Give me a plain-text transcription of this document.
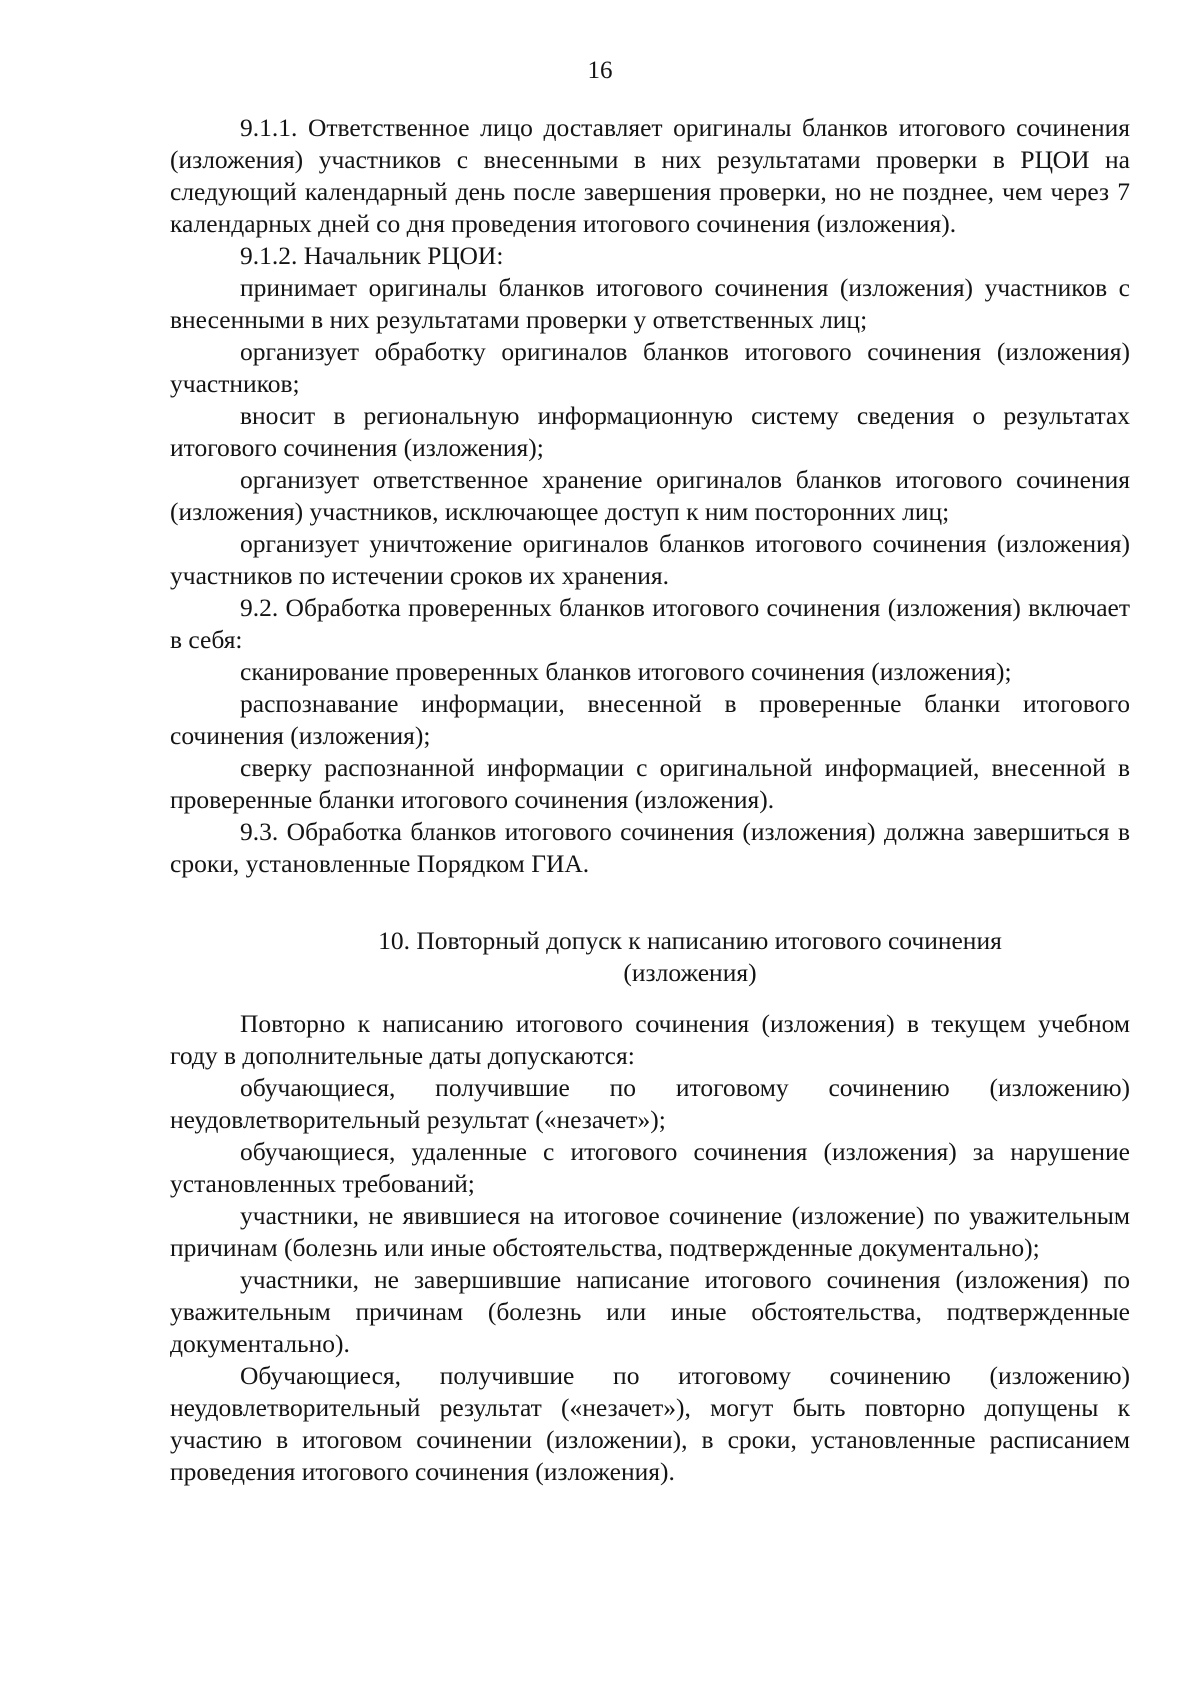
16

9.1.1. Ответственное лицо доставляет оригиналы бланков итогового сочинения (изложения) участников с внесенными в них результатами проверки в РЦОИ на следующий календарный день после завершения проверки, но не позднее, чем через 7 календарных дней со дня проведения итогового сочинения (изложения).

9.1.2. Начальник РЦОИ:

принимает оригиналы бланков итогового сочинения (изложения) участников с внесенными в них результатами проверки у ответственных лиц;

организует обработку оригиналов бланков итогового сочинения (изложения) участников;

вносит в региональную информационную систему сведения о результатах итогового сочинения (изложения);

организует ответственное хранение оригиналов бланков итогового сочинения (изложения) участников, исключающее доступ к ним посторонних лиц;

организует уничтожение оригиналов бланков итогового сочинения (изложения) участников по истечении сроков их хранения.

9.2. Обработка проверенных бланков итогового сочинения (изложения) включает в себя:

сканирование проверенных бланков итогового сочинения (изложения);

распознавание информации, внесенной в проверенные бланки итогового сочинения (изложения);

сверку распознанной информации с оригинальной информацией, внесенной в проверенные бланки итогового сочинения (изложения).

9.3. Обработка бланков итогового сочинения (изложения) должна завершиться в сроки, установленные Порядком ГИА.

10. Повторный допуск к написанию итогового сочинения
(изложения)

Повторно к написанию итогового сочинения (изложения) в текущем учебном году в дополнительные даты допускаются:

обучающиеся, получившие по итоговому сочинению (изложению) неудовлетворительный результат («незачет»);

обучающиеся, удаленные с итогового сочинения (изложения) за нарушение установленных требований;

участники, не явившиеся на итоговое сочинение (изложение) по уважительным причинам (болезнь или иные обстоятельства, подтвержденные документально);

участники, не завершившие написание итогового сочинения (изложения) по уважительным причинам (болезнь или иные обстоятельства, подтвержденные документально).

Обучающиеся, получившие по итоговому сочинению (изложению) неудовлетворительный результат («незачет»), могут быть повторно допущены к участию в итоговом сочинении (изложении), в сроки, установленные расписанием проведения итогового сочинения (изложения).
